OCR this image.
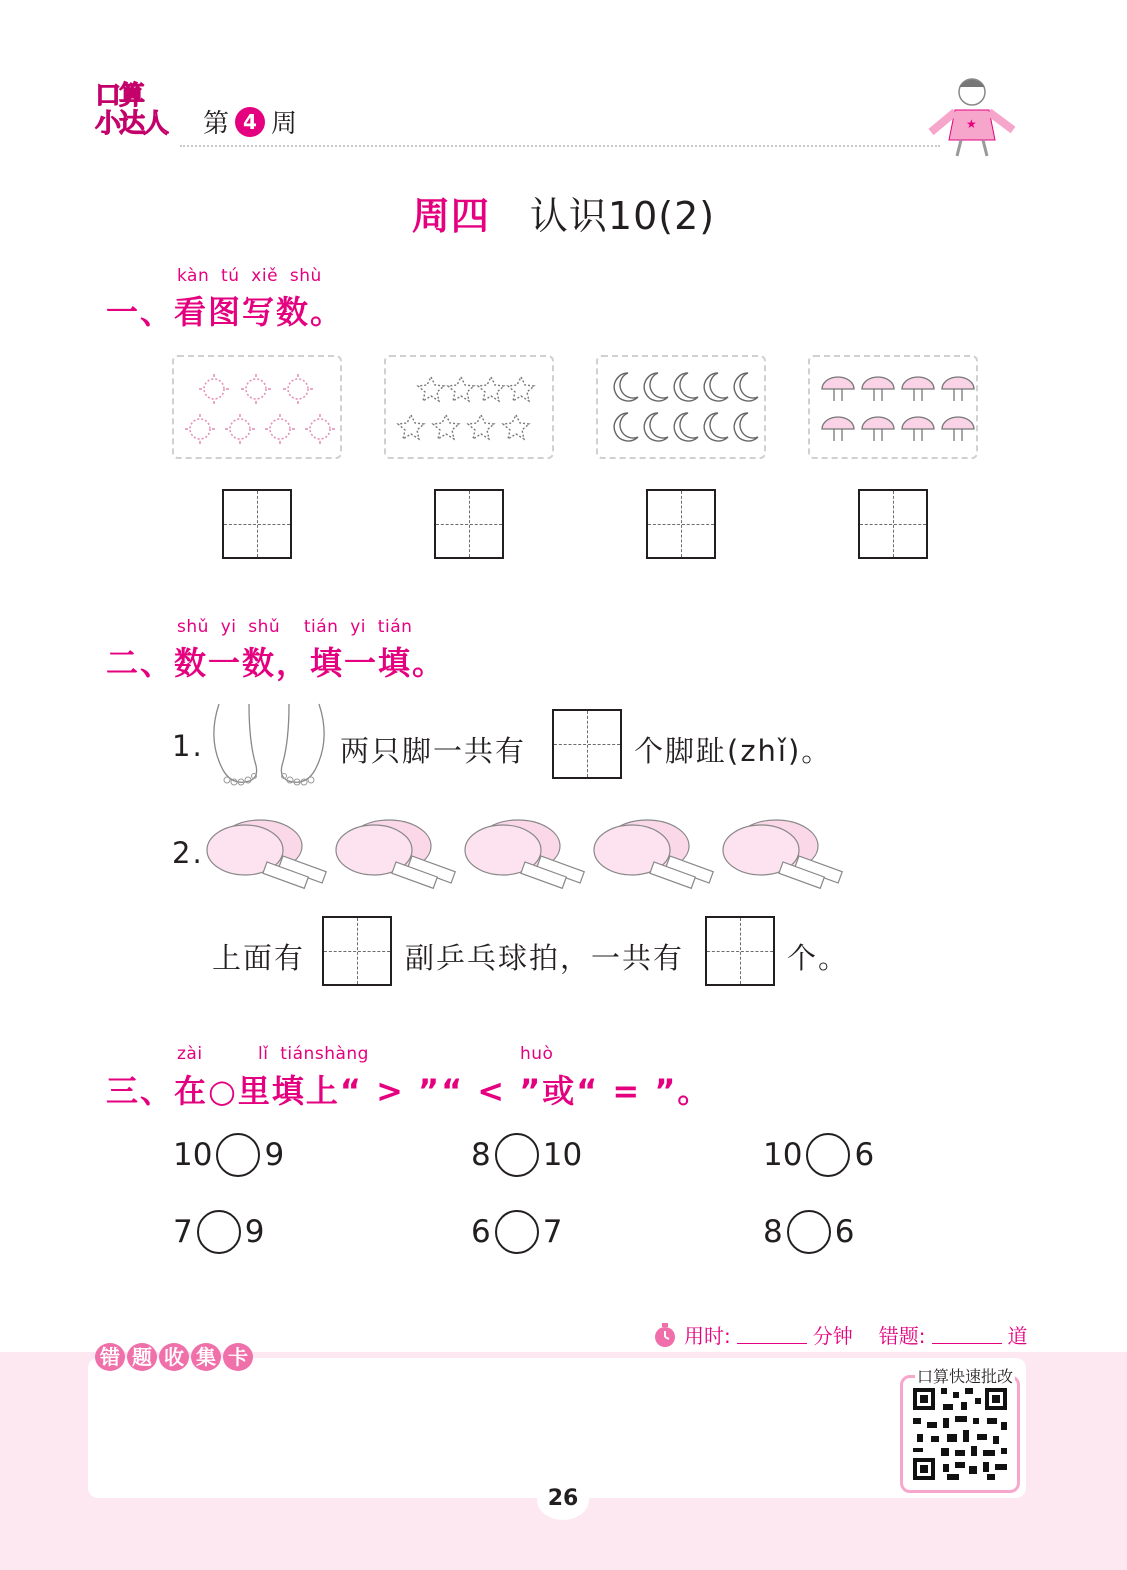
口算
小达人	第 4 周	★
周四 认识10(2)
kàn  tú  xiě  shù
一、看图写数。
shǔ  yi  shǔ    tián  yi  tián
二、数一数，填一填。
1.	两只脚一共有	个脚趾(zhǐ)。
2.
上面有	副乒乓球拍，一共有	个。
zài	lǐ  tiánshàng	huò
三、在○里填上“ > ”“ < ”或“ = ”。
10 9	8 10	10 6
7 9	6 7	8 6
用时:	分钟 错题:	道
错 题 收 集 卡
口算快速批改
26
